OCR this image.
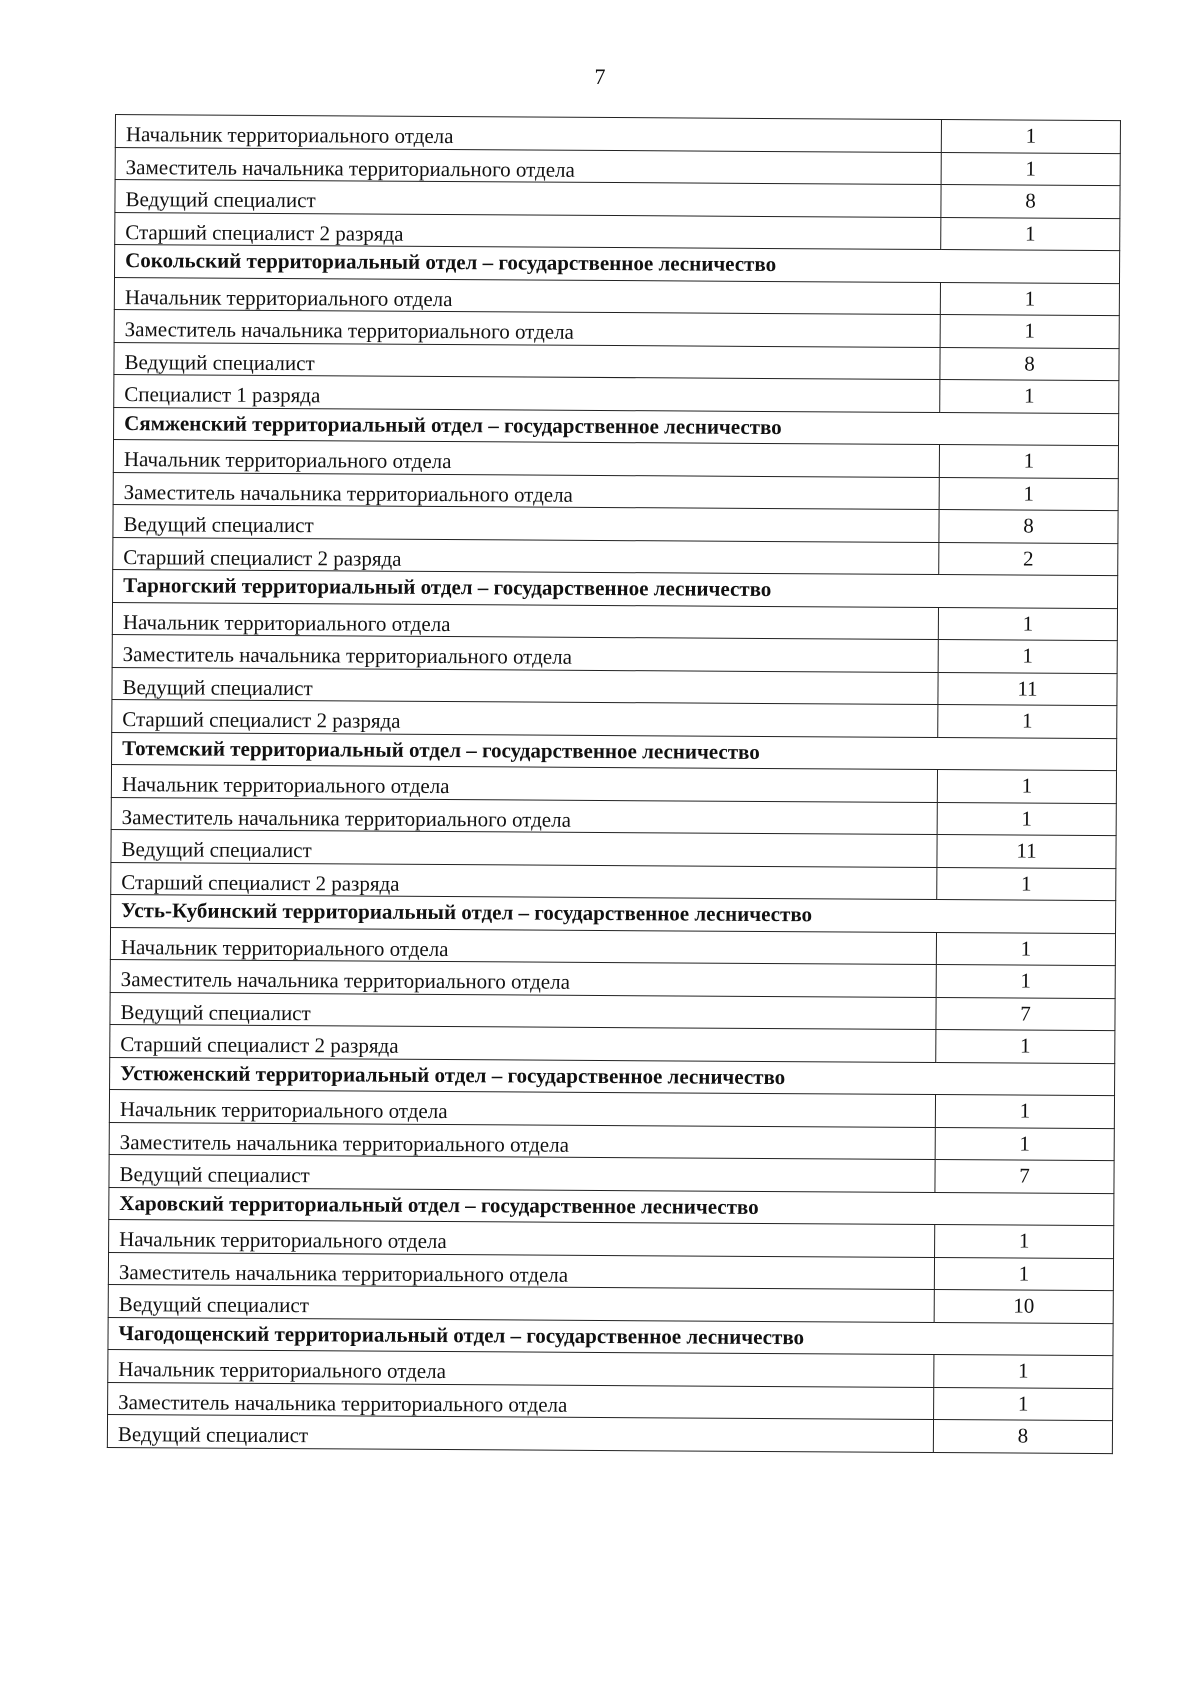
7
Начальник территориального отдела	1
Заместитель начальника территориального отдела	1
Ведущий специалист	8
Старший специалист 2 разряда	1
Сокольский территориальный отдел – государственное лесничество	
Начальник территориального отдела	1
Заместитель начальника территориального отдела	1
Ведущий специалист	8
Специалист 1 разряда	1
Сямженский территориальный отдел – государственное лесничество	
Начальник территориального отдела	1
Заместитель начальника территориального отдела	1
Ведущий специалист	8
Старший специалист 2 разряда	2
Тарногский территориальный отдел – государственное лесничество	
Начальник территориального отдела	1
Заместитель начальника территориального отдела	1
Ведущий специалист	11
Старший специалист 2 разряда	1
Тотемский территориальный отдел – государственное лесничество	
Начальник территориального отдела	1
Заместитель начальника территориального отдела	1
Ведущий специалист	11
Старший специалист 2 разряда	1
Усть-Кубинский территориальный отдел – государственное лесничество	
Начальник территориального отдела	1
Заместитель начальника территориального отдела	1
Ведущий специалист	7
Старший специалист 2 разряда	1
Устюженский территориальный отдел – государственное лесничество	
Начальник территориального отдела	1
Заместитель начальника территориального отдела	1
Ведущий специалист	7
Харовский территориальный отдел – государственное лесничество	
Начальник территориального отдела	1
Заместитель начальника территориального отдела	1
Ведущий специалист	10
Чагодощенский территориальный отдел – государственное лесничество	
Начальник территориального отдела	1
Заместитель начальника территориального отдела	1
Ведущий специалист	8
